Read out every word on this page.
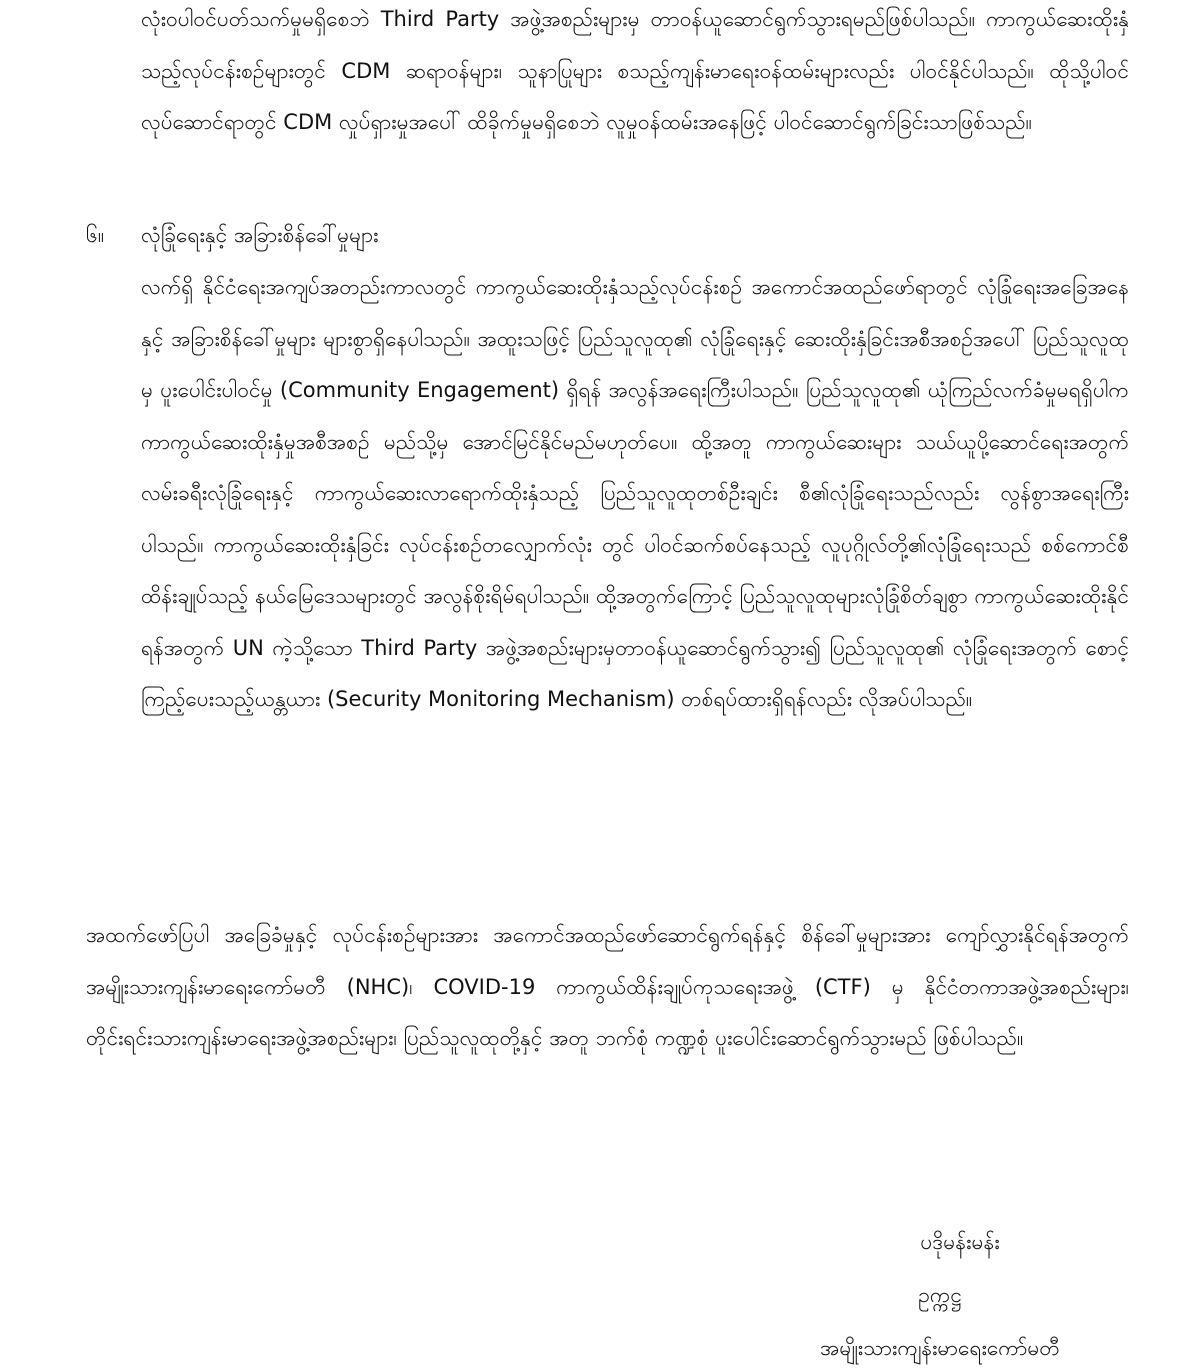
လုံးဝပါဝင်ပတ်သက်မှုမရှိစေဘဲ Third Party အဖွဲ့အစည်းများမှ တာဝန်ယူဆောင်ရွက်သွားရမည်ဖြစ်ပါသည်။ ကာကွယ်ဆေးထိုးနှံသည့်လုပ်ငန်းစဉ်များတွင် CDM ဆရာဝန်များ၊ သူနာပြုများ စသည့်ကျန်းမာရေးဝန်ထမ်းများလည်း ပါဝင်နိုင်ပါသည်။ ထိုသို့ပါဝင်လုပ်ဆောင်ရာတွင် CDM လှုပ်ရှားမှုအပေါ် ထိခိုက်မှုမရှိစေဘဲ လူမှုဝန်ထမ်းအနေဖြင့် ပါဝင်ဆောင်ရွက်ခြင်းသာဖြစ်သည်။
၆။ လုံခြုံရေးနှင့် အခြားစိန်ခေါ်မှုများ
လက်ရှိ နိုင်ငံရေးအကျပ်အတည်းကာလတွင် ကာကွယ်ဆေးထိုးနှံသည့်လုပ်ငန်းစဉ် အကောင်အထည်ဖော်ရာတွင် လုံခြုံရေးအခြေအနေနှင့် အခြားစိန်ခေါ်မှုများ များစွာရှိနေပါသည်။ အထူးသဖြင့် ပြည်သူလူထု၏ လုံခြုံရေးနှင့် ဆေးထိုးနှံခြင်းအစီအစဉ်အပေါ် ပြည်သူလူထုမှ ပူးပေါင်းပါဝင်မှု (Community Engagement) ရှိရန် အလွန်အရေးကြီးပါသည်။ ပြည်သူလူထု၏ ယုံကြည်လက်ခံမှုမရရှိပါက ကာကွယ်ဆေးထိုးနှံမှုအစီအစဉ် မည်သို့မှ အောင်မြင်နိုင်မည်မဟုတ်ပေ။ ထို့အတူ ကာကွယ်ဆေးများ သယ်ယူပို့ဆောင်ရေးအတွက် လမ်းခရီးလုံခြုံရေးနှင့် ကာကွယ်ဆေးလာရောက်ထိုးနှံသည့် ပြည်သူလူထုတစ်ဦးချင်း စီ၏လုံခြုံရေးသည်လည်း လွန်စွာအရေးကြီးပါသည်။ ကာကွယ်ဆေးထိုးနှံခြင်း လုပ်ငန်းစဉ်တလျှောက်လုံး တွင် ပါဝင်ဆက်စပ်နေသည့် လူပုဂ္ဂိုလ်တို့၏လုံခြုံရေးသည် စစ်ကောင်စီထိန်းချုပ်သည့် နယ်မြေဒေသများတွင် အလွန်စိုးရိမ်ရပါသည်။ ထို့အတွက်ကြောင့် ပြည်သူလူထုများလုံခြုံစိတ်ချစွာ ကာကွယ်ဆေးထိုးနိုင်ရန်အတွက် UN ကဲ့သို့သော Third Party အဖွဲ့အစည်းများမှတာဝန်ယူဆောင်ရွက်သွား၍ ပြည်သူလူထု၏ လုံခြုံရေးအတွက် စောင့်ကြည့်ပေးသည့်ယန္တယား (Security Monitoring Mechanism) တစ်ရပ်ထားရှိရန်လည်း လိုအပ်ပါသည်။
အထက်ဖော်ပြပါ အခြေခံမှုနှင့် လုပ်ငန်းစဉ်များအား အကောင်အထည်ဖော်ဆောင်ရွက်ရန်နှင့် စိန်ခေါ်မှုများအား ကျော်လွှားနိုင်ရန်အတွက် အမျိုးသားကျန်းမာရေးကော်မတီ (NHC)၊ COVID-19 ကာကွယ်ထိန်းချုပ်ကုသရေးအဖွဲ့ (CTF) မှ နိုင်ငံတကာအဖွဲ့အစည်းများ၊ တိုင်းရင်းသားကျန်းမာရေးအဖွဲ့အစည်းများ၊ ပြည်သူလူထုတို့နှင့် အတူ ဘက်စုံ ကဏ္ဍစုံ ပူးပေါင်းဆောင်ရွက်သွားမည် ဖြစ်ပါသည်။
ပဒိုမန်းမန်း
ဥက္ကဋ္ဌ
အမျိုးသားကျန်းမာရေးကော်မတီ
